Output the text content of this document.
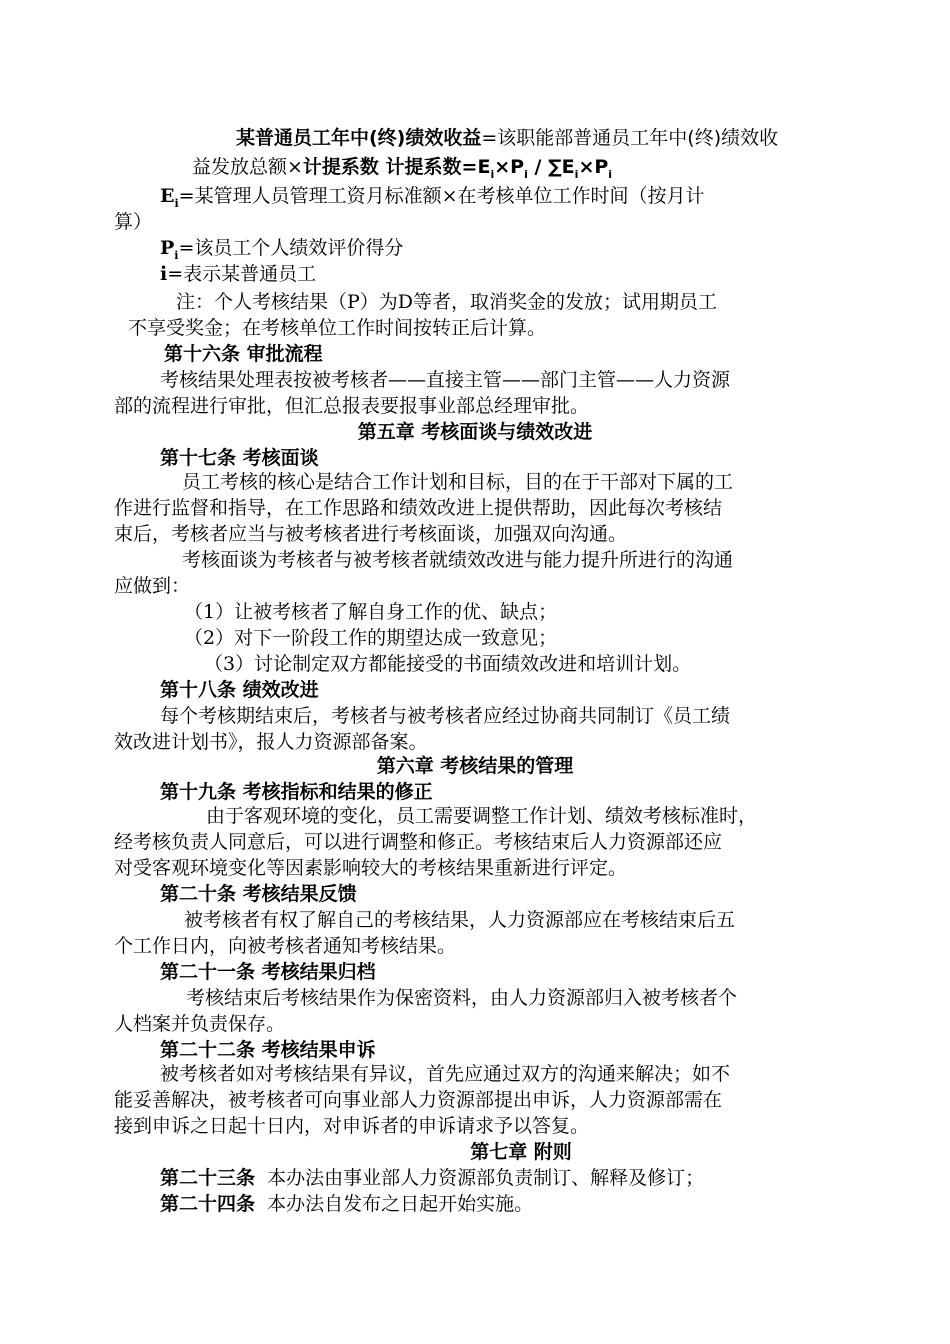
某普通员工年中(终)绩效收益=该职能部普通员工年中(终)绩效收
益发放总额×计提系数 计提系数$=E_i\times P_i / \sum E_i\times P_i$
$E_i=$某管理人员管理工资月标准额×在考核单位工作时间（按月计
算）
$P_i=$该员工个人绩效评价得分
i=表示某普通员工
注：个人考核结果（P）为D等者，取消奖金的发放；试用期员工
不享受奖金；在考核单位工作时间按转正后计算。
第十六条 审批流程
考核结果处理表按被考核者——直接主管——部门主管——人力资源
部的流程进行审批，但汇总报表要报事业部总经理审批。
第五章 考核面谈与绩效改进
第十七条 考核面谈
员工考核的核心是结合工作计划和目标，目的在于干部对下属的工
作进行监督和指导，在工作思路和绩效改进上提供帮助，因此每次考核结
束后，考核者应当与被考核者进行考核面谈，加强双向沟通。
考核面谈为考核者与被考核者就绩效改进与能力提升所进行的沟通
应做到：
（1）让被考核者了解自身工作的优、缺点；
（2）对下一阶段工作的期望达成一致意见；
（3）讨论制定双方都能接受的书面绩效改进和培训计划。
第十八条 绩效改进
每个考核期结束后，考核者与被考核者应经过协商共同制订《员工绩
效改进计划书》，报人力资源部备案。
第六章 考核结果的管理
第十九条 考核指标和结果的修正
由于客观环境的变化，员工需要调整工作计划、绩效考核标准时，
经考核负责人同意后，可以进行调整和修正。考核结束后人力资源部还应
对受客观环境变化等因素影响较大的考核结果重新进行评定。
第二十条 考核结果反馈
被考核者有权了解自己的考核结果，人力资源部应在考核结束后五
个工作日内，向被考核者通知考核结果。
第二十一条 考核结果归档
考核结束后考核结果作为保密资料，由人力资源部归入被考核者个
人档案并负责保存。
第二十二条 考核结果申诉
被考核者如对考核结果有异议，首先应通过双方的沟通来解决；如不
能妥善解决，被考核者可向事业部人力资源部提出申诉，人力资源部需在
接到申诉之日起十日内，对申诉者的申诉请求予以答复。
第七章 附则
第二十三条 本办法由事业部人力资源部负责制订、解释及修订；
第二十四条 本办法自发布之日起开始实施。
